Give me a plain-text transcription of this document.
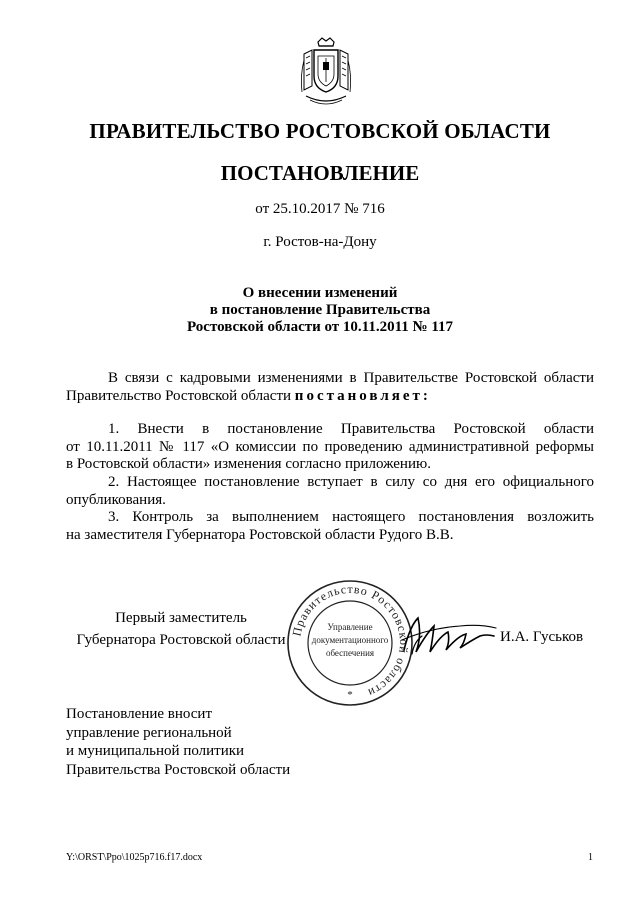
ПРАВИТЕЛЬСТВО РОСТОВСКОЙ ОБЛАСТИ
ПОСТАНОВЛЕНИЕ
от 25.10.2017 № 716
г. Ростов-на-Дону
О внесении изменений
в постановление Правительства
Ростовской области от 10.11.2011 № 117
В связи с кадровыми изменениями в Правительстве Ростовской области
Правительство Ростовской области постановляет:
1. Внести в постановление Правительства Ростовской области
от 10.11.2011 № 117 «О комиссии по проведению административной реформы
в Ростовской области» изменения согласно приложению.
2. Настоящее постановление вступает в силу со дня его официального
опубликования.
3. Контроль за выполнением настоящего постановления возложить
на заместителя Губернатора Ростовской области Рудого В.В.
Первый заместитель
Губернатора Ростовской области
Правительство Ростовской области
Управление
документационного
обеспечения
*
И.А. Гуськов
Постановление вносит
управление региональной
и муниципальной политики
Правительства Ростовской области
Y:\ORST\Ppo\1025p716.f17.docx	1
